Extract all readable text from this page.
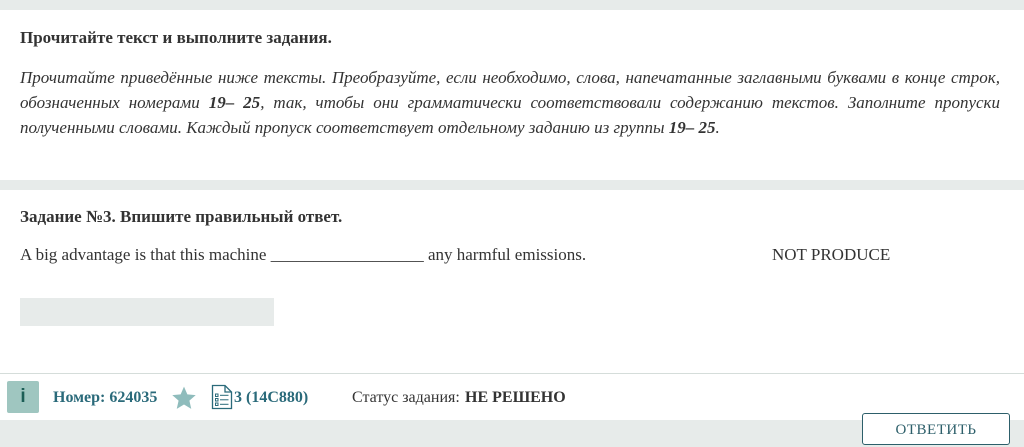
Прочитайте текст и выполните задания.
Прочитайте приведённые ниже тексты. Преобразуйте, если необходимо, слова, напечатанные заглавными буквами в конце строк, обозначенных номерами 19– 25, так, чтобы они грамматически соответствовали содержанию текстов. Заполните пропуски полученными словами. Каждый пропуск соответствует отдельному заданию из группы 19– 25.
Задание №3. Впишите правильный ответ.
A big advantage is that this machine __________________ any harmful emissions.	NOT PRODUCE
i	Номер: 624035	3 (14C880)	Статус задания: НЕ РЕШЕНО
ОТВЕТИТЬ
